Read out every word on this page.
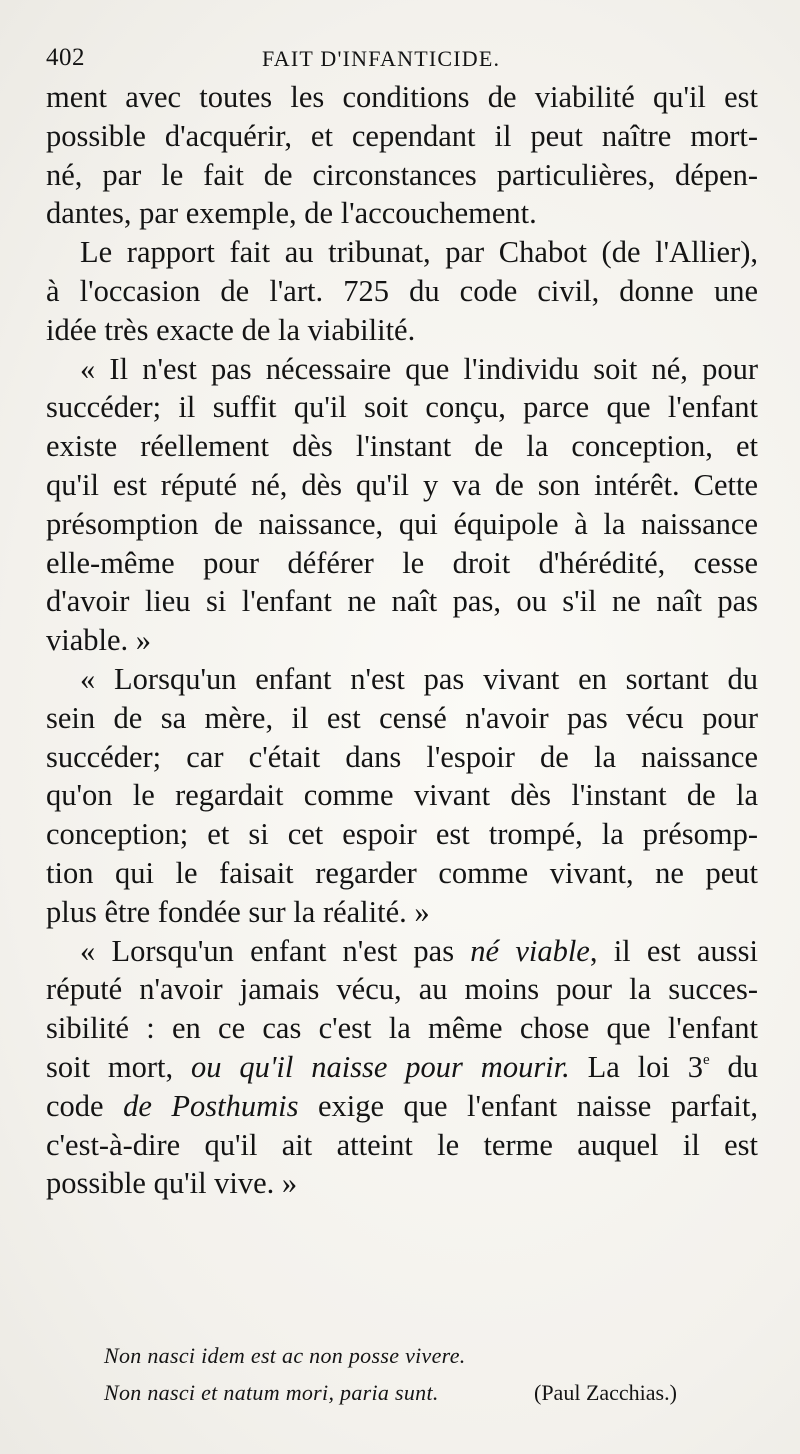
402	FAIT D'INFANTICIDE.
ment avec toutes les conditions de viabilité qu'il est
possible d'acquérir, et cependant il peut naître mort-
né, par le fait de circonstances particulières, dépen-
dantes, par exemple, de l'accouchement.
Le rapport fait au tribunat, par Chabot (de l'Allier),
à l'occasion de l'art. 725 du code civil, donne une
idée très exacte de la viabilité.
« Il n'est pas nécessaire que l'individu soit né, pour
succéder; il suffit qu'il soit conçu, parce que l'enfant
existe réellement dès l'instant de la conception, et
qu'il est réputé né, dès qu'il y va de son intérêt. Cette
présomption de naissance, qui équipole à la naissance
elle-même pour déférer le droit d'hérédité, cesse
d'avoir lieu si l'enfant ne naît pas, ou s'il ne naît pas
viable. »
« Lorsqu'un enfant n'est pas vivant en sortant du
sein de sa mère, il est censé n'avoir pas vécu pour
succéder; car c'était dans l'espoir de la naissance
qu'on le regardait comme vivant dès l'instant de la
conception; et si cet espoir est trompé, la présomp-
tion qui le faisait regarder comme vivant, ne peut
plus être fondée sur la réalité. »
« Lorsqu'un enfant n'est pas né viable, il est aussi
réputé n'avoir jamais vécu, au moins pour la succes-
sibilité : en ce cas c'est la même chose que l'enfant
soit mort, ou qu'il naisse pour mourir. La loi 3e du
code de Posthumis exige que l'enfant naisse parfait,
c'est-à-dire qu'il ait atteint le terme auquel il est
possible qu'il vive. »
Non nasci idem est ac non posse vivere.
Non nasci et natum mori, paria sunt.	(Paul Zacchias.)
